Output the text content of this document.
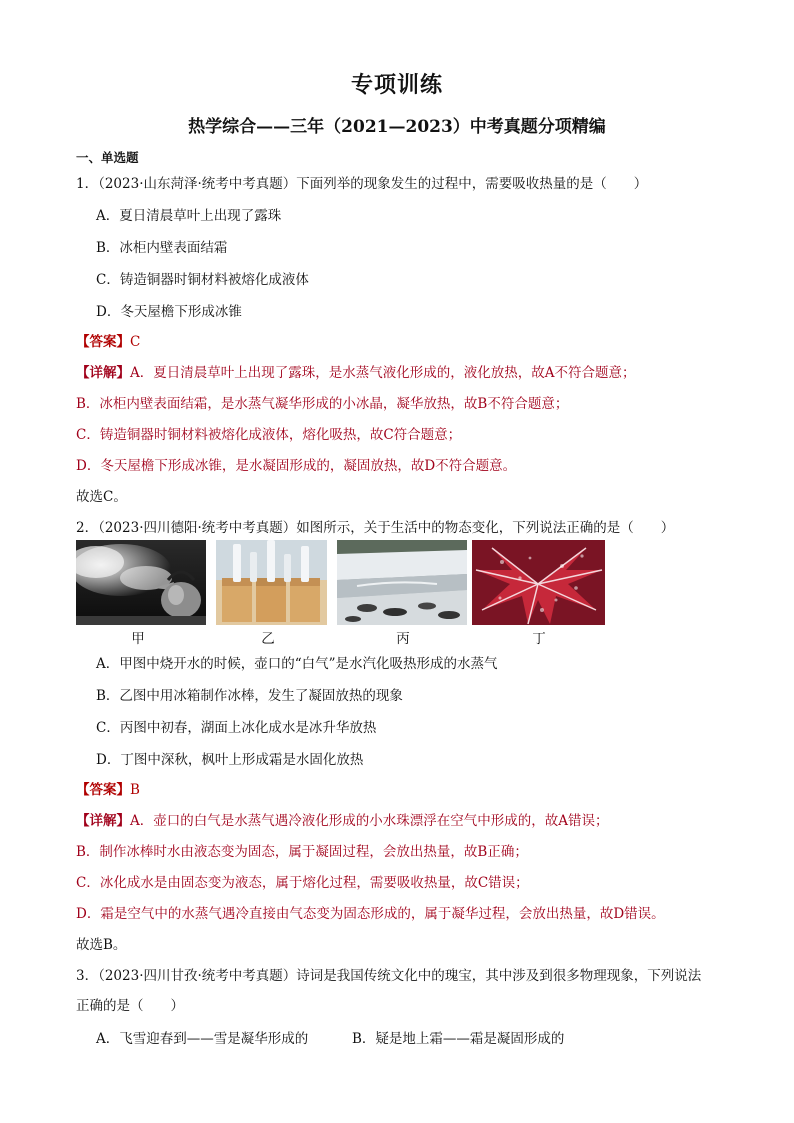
专项训练
热学综合——三年（2021—2023）中考真题分项精编
一、单选题
1．（2023·山东菏泽·统考中考真题）下面列举的现象发生的过程中，需要吸收热量的是（　　）
A．夏日清晨草叶上出现了露珠
B．冰柜内壁表面结霜
C．铸造铜器时铜材料被熔化成液体
D．冬天屋檐下形成冰锥
【答案】C
【详解】A．夏日清晨草叶上出现了露珠，是水蒸气液化形成的，液化放热，故A不符合题意；
B．冰柜内壁表面结霜，是水蒸气凝华形成的小冰晶，凝华放热，故B不符合题意；
C．铸造铜器时铜材料被熔化成液体，熔化吸热，故C符合题意；
D．冬天屋檐下形成冰锥，是水凝固形成的，凝固放热，故D不符合题意。
故选C。
2．（2023·四川德阳·统考中考真题）如图所示，关于生活中的物态变化，下列说法正确的是（　　）
甲	乙	丙	丁
A．甲图中烧开水的时候，壶口的“白气”是水汽化吸热形成的水蒸气
B．乙图中用冰箱制作冰棒，发生了凝固放热的现象
C．丙图中初春，湖面上冰化成水是冰升华放热
D．丁图中深秋，枫叶上形成霜是水固化放热
【答案】B
【详解】A．壶口的白气是水蒸气遇冷液化形成的小水珠漂浮在空气中形成的，故A错误；
B．制作冰棒时水由液态变为固态，属于凝固过程，会放出热量，故B正确；
C．冰化成水是由固态变为液态，属于熔化过程，需要吸收热量，故C错误；
D．霜是空气中的水蒸气遇冷直接由气态变为固态形成的，属于凝华过程，会放出热量，故D错误。
故选B。
3．（2023·四川甘孜·统考中考真题）诗词是我国传统文化中的瑰宝，其中涉及到很多物理现象，下列说法
正确的是（　　）
A．飞雪迎春到——雪是凝华形成的	B．疑是地上霜——霜是凝固形成的
